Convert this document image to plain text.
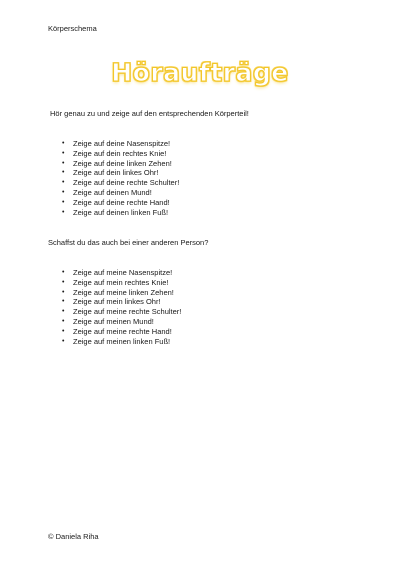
Körperschema
Höraufträge
Hör genau zu und zeige auf den entsprechenden Körperteil!
• Zeige auf deine Nasenspitze!
• Zeige auf dein rechtes Knie!
• Zeige auf deine linken Zehen!
• Zeige auf dein linkes Ohr!
• Zeige auf deine rechte Schulter!
• Zeige auf deinen Mund!
• Zeige auf deine rechte Hand!
• Zeige auf deinen linken Fuß!
Schaffst du das auch bei einer anderen Person?
• Zeige auf meine Nasenspitze!
• Zeige auf mein rechtes Knie!
• Zeige auf meine linken Zehen!
• Zeige auf mein linkes Ohr!
• Zeige auf meine rechte Schulter!
• Zeige auf meinen Mund!
• Zeige auf meine rechte Hand!
• Zeige auf meinen linken Fuß!
© Daniela Riha
